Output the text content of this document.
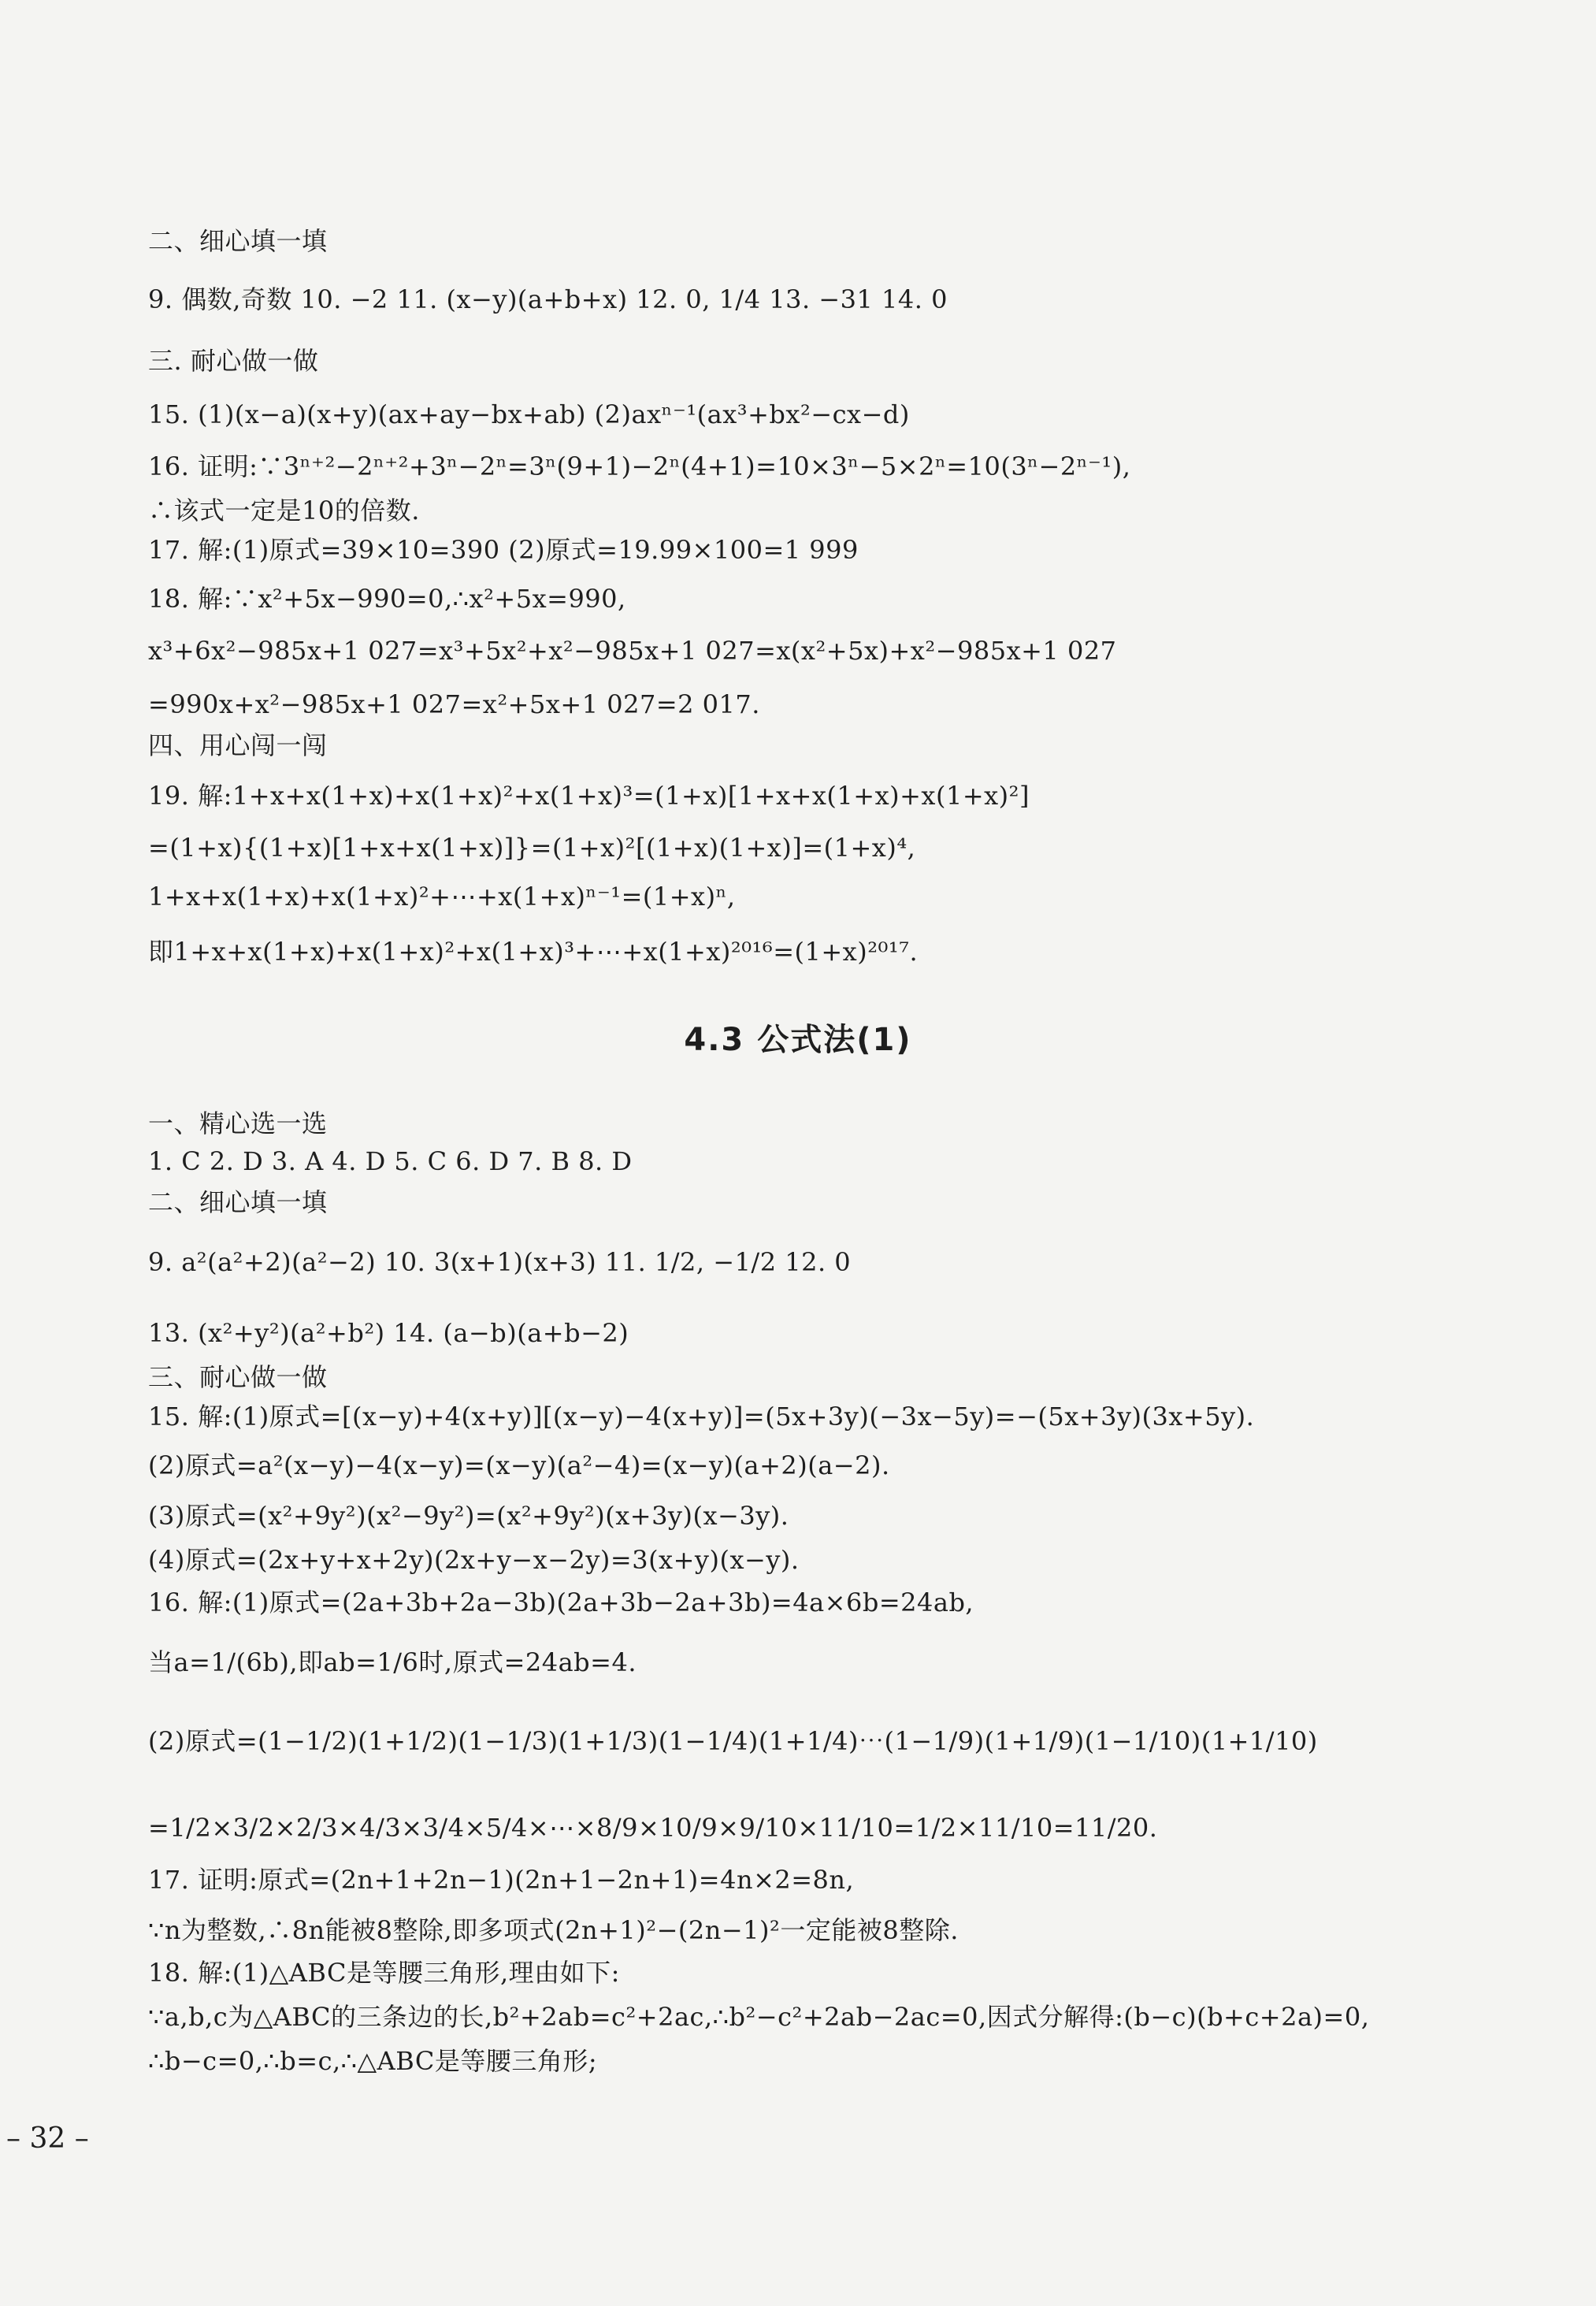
二、细心填一填
9. 偶数,奇数 10. −2 11. (x−y)(a+b+x) 12. 0, 1/4 13. −31 14. 0
三. 耐心做一做
15. (1)(x−a)(x+y)(ax+ay−bx+ab) (2)axⁿ⁻¹(ax³+bx²−cx−d)
16. 证明:∵3ⁿ⁺²−2ⁿ⁺²+3ⁿ−2ⁿ=3ⁿ(9+1)−2ⁿ(4+1)=10×3ⁿ−5×2ⁿ=10(3ⁿ−2ⁿ⁻¹),
∴该式一定是10的倍数.
17. 解:(1)原式=39×10=390 (2)原式=19.99×100=1 999
18. 解:∵x²+5x−990=0,∴x²+5x=990,
x³+6x²−985x+1 027=x³+5x²+x²−985x+1 027=x(x²+5x)+x²−985x+1 027
=990x+x²−985x+1 027=x²+5x+1 027=2 017.
四、用心闯一闯
19. 解:1+x+x(1+x)+x(1+x)²+x(1+x)³=(1+x)[1+x+x(1+x)+x(1+x)²]
=(1+x){(1+x)[1+x+x(1+x)]}=(1+x)²[(1+x)(1+x)]=(1+x)⁴,
1+x+x(1+x)+x(1+x)²+⋯+x(1+x)ⁿ⁻¹=(1+x)ⁿ,
即1+x+x(1+x)+x(1+x)²+x(1+x)³+⋯+x(1+x)²⁰¹⁶=(1+x)²⁰¹⁷.
4.3 公式法(1)
一、精心选一选
1. C 2. D 3. A 4. D 5. C 6. D 7. B 8. D
二、细心填一填
9. a²(a²+2)(a²−2) 10. 3(x+1)(x+3) 11. 1/2, −1/2 12. 0
13. (x²+y²)(a²+b²) 14. (a−b)(a+b−2)
三、耐心做一做
15. 解:(1)原式=[(x−y)+4(x+y)][(x−y)−4(x+y)]=(5x+3y)(−3x−5y)=−(5x+3y)(3x+5y).
(2)原式=a²(x−y)−4(x−y)=(x−y)(a²−4)=(x−y)(a+2)(a−2).
(3)原式=(x²+9y²)(x²−9y²)=(x²+9y²)(x+3y)(x−3y).
(4)原式=(2x+y+x+2y)(2x+y−x−2y)=3(x+y)(x−y).
16. 解:(1)原式=(2a+3b+2a−3b)(2a+3b−2a+3b)=4a×6b=24ab,
当a=1/(6b),即ab=1/6时,原式=24ab=4.
(2)原式=(1−1/2)(1+1/2)(1−1/3)(1+1/3)(1−1/4)(1+1/4)⋯(1−1/9)(1+1/9)(1−1/10)(1+1/10)
=1/2×3/2×2/3×4/3×3/4×5/4×⋯×8/9×10/9×9/10×11/10=1/2×11/10=11/20.
17. 证明:原式=(2n+1+2n−1)(2n+1−2n+1)=4n×2=8n,
∵n为整数,∴8n能被8整除,即多项式(2n+1)²−(2n−1)²一定能被8整除.
18. 解:(1)△ABC是等腰三角形,理由如下:
∵a,b,c为△ABC的三条边的长,b²+2ab=c²+2ac,∴b²−c²+2ab−2ac=0,因式分解得:(b−c)(b+c+2a)=0,
∴b−c=0,∴b=c,∴△ABC是等腰三角形;
– 32 –
